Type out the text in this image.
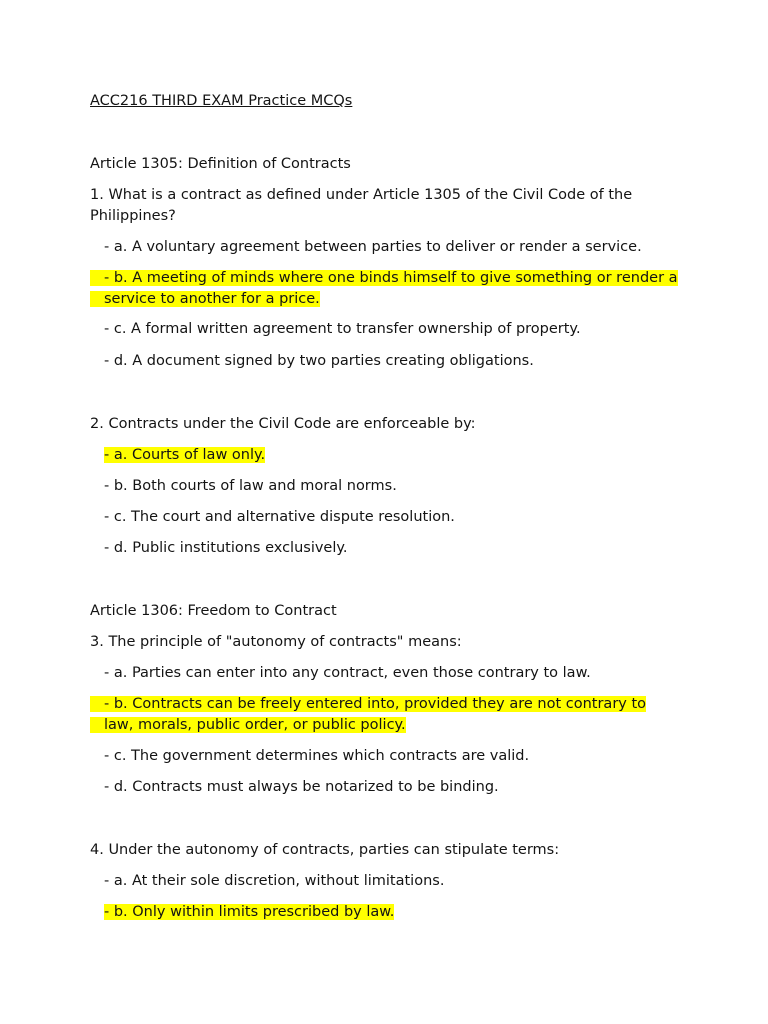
ACC216 THIRD EXAM Practice MCQs
Article 1305: Definition of Contracts
1. What is a contract as defined under Article 1305 of the Civil Code of the Philippines?
- a. A voluntary agreement between parties to deliver or render a service.
- b. A meeting of minds where one binds himself to give something or render a service to another for a price.
- c. A formal written agreement to transfer ownership of property.
- d. A document signed by two parties creating obligations.
2. Contracts under the Civil Code are enforceable by:
- a. Courts of law only.
- b. Both courts of law and moral norms.
- c. The court and alternative dispute resolution.
- d. Public institutions exclusively.
Article 1306: Freedom to Contract
3. The principle of "autonomy of contracts" means:
- a. Parties can enter into any contract, even those contrary to law.
- b. Contracts can be freely entered into, provided they are not contrary to law, morals, public order, or public policy.
- c. The government determines which contracts are valid.
- d. Contracts must always be notarized to be binding.
4. Under the autonomy of contracts, parties can stipulate terms:
- a. At their sole discretion, without limitations.
- b. Only within limits prescribed by law.
